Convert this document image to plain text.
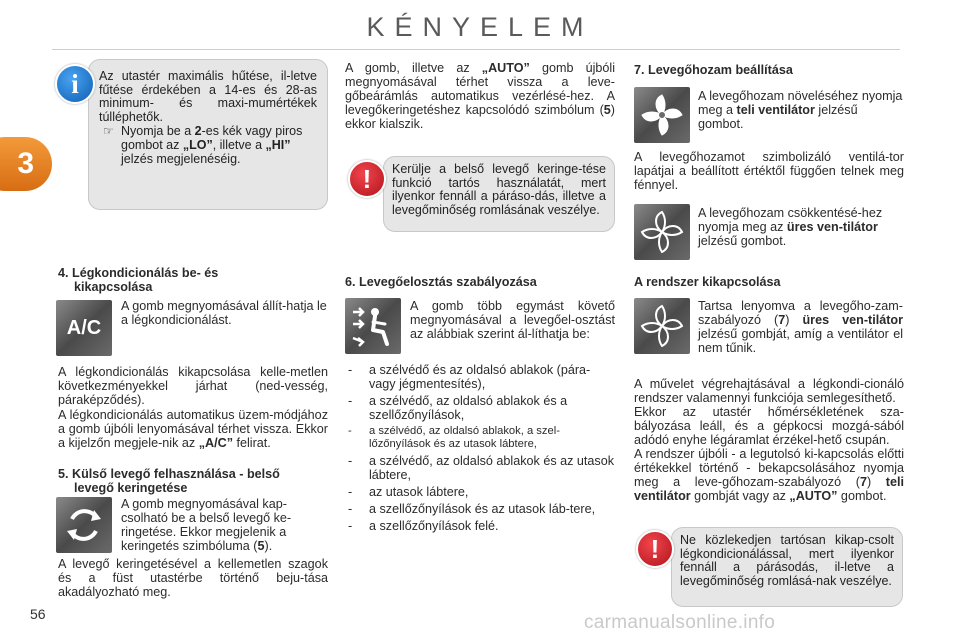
KÉNYELEM
3

Az utastér maximális hűtése, il-letve fűtése érdekében a 14-es és 28-as minimum- és maxi-mumértékek túlléphetők.

☞ Nyomja be a 2-es kék vagy piros gombot az „LO”, illetve a „HI” jelzés megjelenéséig.

i
4. Légkondicionálás be- és kikapcsolása
A/C

A gomb megnyomásával állít-hatja le a légkondicionálást.

A légkondicionálás kikapcsolása kelle-metlen következményekkel járhat (ned-vesség, páraképződés).

A légkondicionálás automatikus üzem-módjához a gomb újbóli lenyomásával térhet vissza. Ekkor a kijelzőn megjele-nik az „A/C” felirat.

5. Külső levegő felhasználása - belső levegő keringetése

A gomb megnyomásával kap-csolható be a belső levegő ke-ringetése. Ekkor megjelenik a keringetés szimbóluma (5).

A levegő keringetésével a kellemetlen szagok és a füst utastérbe történő beju-tása akadályozható meg.

A gomb, illetve az „AUTO” gomb újbóli megnyomásával térhet vissza a leve-gőbeárámlás automatikus vezérlésé-hez. A levegőkeringetéshez kapcsolódó szimbólum (5) ekkor kialszik.

Kerülje a belső levegő keringe-tése funkció tartós használatát, mert ilyenkor fennáll a páráso-dás, illetve a levegőminőség romlásának veszélye.

!
6. Levegőelosztás szabályozása

A gomb több egymást követő megnyomásával a levegőel-osztást az alábbiak szerint ál-líthatja be:

- a szélvédő és az oldalsó ablakok (pára- vagy jégmentesítés),
- a szélvédő, az oldalsó ablakok és a szellőzőnyílások,
- a szélvédő, az oldalsó ablakok, a szel-lőzőnyílások és az utasok lábtere,
- a szélvédő, az oldalsó ablakok és az utasok lábtere,
- az utasok lábtere,
- a szellőzőnyílások és az utasok láb-tere,
- a szellőzőnyílások felé.
7. Levegőhozam beállítása

A levegőhozam növeléséhez nyomja meg a teli ventilátor jelzésű gombot.

A levegőhozamot szimbolizáló ventilá-tor lapátjai a beállított értéktől függően telnek meg fénnyel.

A levegőhozam csökkentésé-hez nyomja meg az üres ven-tilátor jelzésű gombot.

A rendszer kikapcsolása

Tartsa lenyomva a levegőho-zam-szabályozó (7) üres ven-tilátor jelzésű gombját, amíg a ventilátor el nem tűnik.

A művelet végrehajtásával a légkondi-cionáló rendszer valamennyi funkciója semlegesíthető.
Ekkor az utastér hőmérsékletének sza-bályozása leáll, és a gépkocsi mozgá-sából adódó enyhe légáramlat érzékel-hető csupán.
A rendszer újbóli - a legutolsó ki-kapcsolás előtti értékekkel történő - bekapcsolásához nyomja meg a leve-gőhozam-szabályozó (7) teli ventilátor gombját vagy az „AUTO” gombot.

Ne közlekedjen tartósan kikap-csolt légkondicionálással, mert ilyenkor fennáll a párásodás, il-letve a levegőminőség romlásá-nak veszélye.

!
56	carmanualsonline.info
